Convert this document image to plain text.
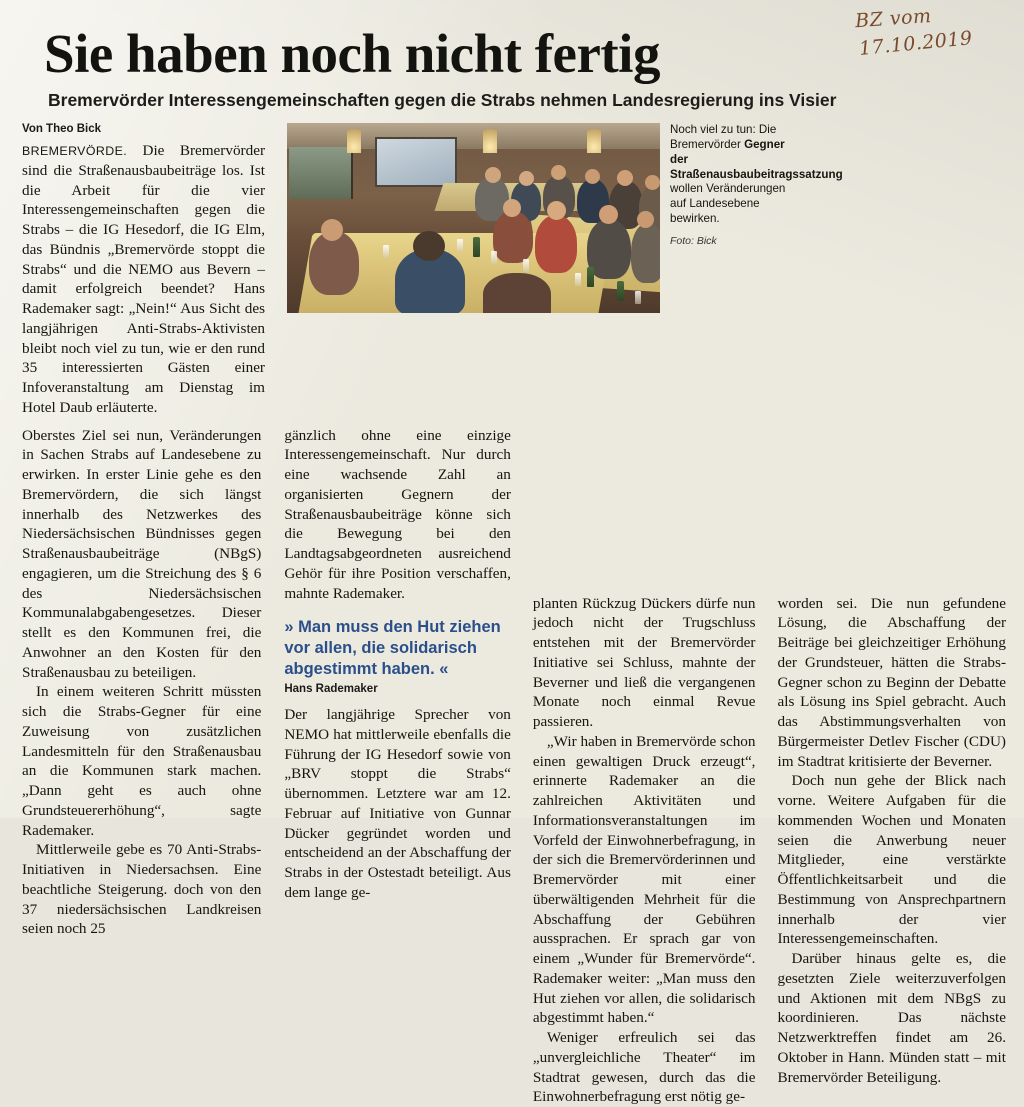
BZ vom
17.10.2019
Sie haben noch nicht fertig
Bremervörder Interessengemeinschaften gegen die Strabs nehmen Landesregierung ins Visier
Von Theo Bick

BREMERVÖRDE. Die Bremervörder sind die Straßenausbaubeiträge los. Ist die Arbeit für die vier Interessengemeinschaften gegen die Strabs – die IG Hesedorf, die IG Elm, das Bündnis „Bremervörde stoppt die Strabs“ und die NEMO aus Bevern – damit erfolgreich beendet? Hans Rademaker sagt: „Nein!“ Aus Sicht des langjährigen Anti-Strabs-Aktivisten bleibt noch viel zu tun, wie er den rund 35 interessierten Gästen einer Infoveranstaltung am Dienstag im Hotel Daub erläuterte.

Noch viel zu tun: Die Bremervörder Gegner der Straßenausbaubeitragssatzung wollen Veränderungen auf Landesebene bewirken.
Foto: Bick

Oberstes Ziel sei nun, Veränderungen in Sachen Strabs auf Landesebene zu erwirken. In erster Linie gehe es den Bremervördern, die sich längst innerhalb des Netzwerkes des Niedersächsischen Bündnisses gegen Straßenausbaubeiträge (NBgS) engagieren, um die Streichung des § 6 des Niedersächsischen Kommunalabgabengesetzes. Dieser stellt es den Kommunen frei, die Anwohner an den Kosten für den Straßenausbau zu beteiligen.

In einem weiteren Schritt müssten sich die Strabs-Gegner für eine Zuweisung von zusätzlichen Landesmitteln für den Straßenausbau an die Kommunen stark machen. „Dann geht es auch ohne Grundsteuererhöhung“, sagte Rademaker.

Mittlerweile gebe es 70 Anti-Strabs-Initiativen in Niedersachsen. Eine beachtliche Steigerung. doch von den 37 niedersächsischen Landkreisen seien noch 25

gänzlich ohne eine einzige Interessengemeinschaft. Nur durch eine wachsende Zahl an organisierten Gegnern der Straßenausbaubeiträge könne sich die Bewegung bei den Landtagsabgeordneten ausreichend Gehör für ihre Position verschaffen, mahnte Rademaker.

» Man muss den Hut ziehen vor allen, die solidarisch abgestimmt haben. «
Hans Rademaker

Der langjährige Sprecher von NEMO hat mittlerweile ebenfalls die Führung der IG Hesedorf sowie von „BRV stoppt die Strabs“ übernommen. Letztere war am 12. Februar auf Initiative von Gunnar Dücker gegründet worden und entscheidend an der Abschaffung der Strabs in der Ostestadt beteiligt. Aus dem lange ge-

planten Rückzug Dückers dürfe nun jedoch nicht der Trugschluss entstehen mit der Bremervörder Initiative sei Schluss, mahnte der Beverner und ließ die vergangenen Monate noch einmal Revue passieren.

„Wir haben in Bremervörde schon einen gewaltigen Druck erzeugt“, erinnerte Rademaker an die zahlreichen Aktivitäten und Informationsveranstaltungen im Vorfeld der Einwohnerbefragung, in der sich die Bremervörderinnen und Bremervörder mit einer überwältigenden Mehrheit für die Abschaffung der Gebühren aussprachen. Er sprach gar von einem „Wunder für Bremervörde“. Rademaker weiter: „Man muss den Hut ziehen vor allen, die solidarisch abgestimmt haben.“

Weniger erfreulich sei das „unvergleichliche Theater“ im Stadtrat gewesen, durch das die Einwohnerbefragung erst nötig ge-

worden sei. Die nun gefundene Lösung, die Abschaffung der Beiträge bei gleichzeitiger Erhöhung der Grundsteuer, hätten die Strabs-Gegner schon zu Beginn der Debatte als Lösung ins Spiel gebracht. Auch das Abstimmungsverhalten von Bürgermeister Detlev Fischer (CDU) im Stadtrat kritisierte der Beverner.

Doch nun gehe der Blick nach vorne. Weitere Aufgaben für die kommenden Wochen und Monaten seien die Anwerbung neuer Mitglieder, eine verstärkte Öffentlichkeitsarbeit und die Bestimmung von Ansprechpartnern innerhalb der vier Interessengemeinschaften.

Darüber hinaus gelte es, die gesetzten Ziele weiterzuverfolgen und Aktionen mit dem NBgS zu koordinieren. Das nächste Netzwerktreffen findet am 26. Oktober in Hann. Münden statt – mit Bremervörder Beteiligung.
